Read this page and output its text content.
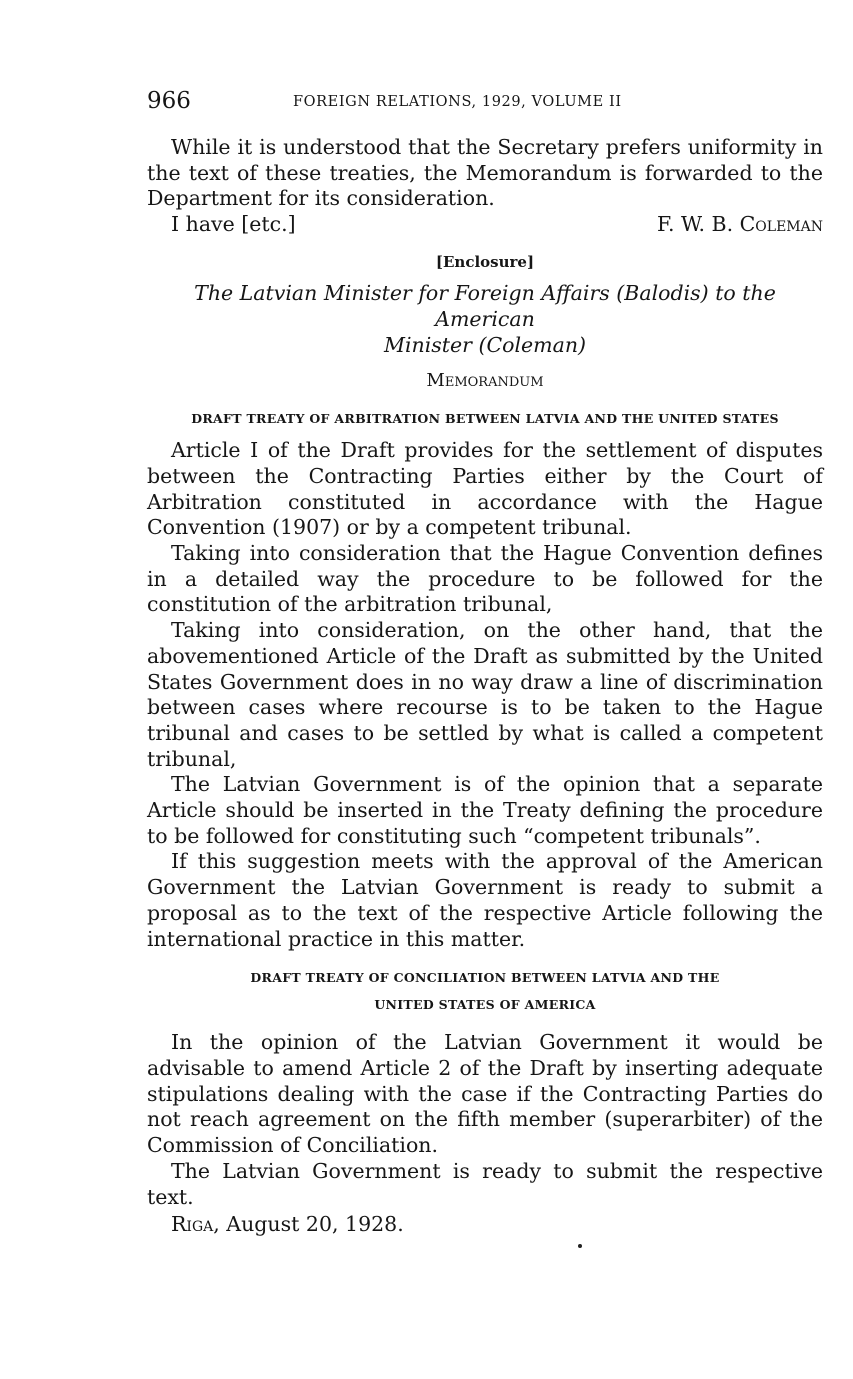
966	FOREIGN RELATIONS, 1929, VOLUME II

While it is understood that the Secretary prefers uniformity in the text of these treaties, the Memorandum is forwarded to the Department for its consideration.

I have [etc.]	F. W. B. Coleman
[Enclosure]
The Latvian Minister for Foreign Affairs (Balodis) to the American
Minister (Coleman)
Memorandum
DRAFT TREATY OF ARBITRATION BETWEEN LATVIA AND THE UNITED STATES

Article I of the Draft provides for the settlement of disputes between the Contracting Parties either by the Court of Arbitration constituted in accordance with the Hague Convention (1907) or by a competent tribunal.

Taking into consideration that the Hague Convention defines in a detailed way the procedure to be followed for the constitution of the arbitration tribunal,

Taking into consideration, on the other hand, that the abovementioned Article of the Draft as submitted by the United States Government does in no way draw a line of discrimination between cases where recourse is to be taken to the Hague tribunal and cases to be settled by what is called a competent tribunal,

The Latvian Government is of the opinion that a separate Article should be inserted in the Treaty defining the procedure to be followed for constituting such “competent tribunals”.

If this suggestion meets with the approval of the American Government the Latvian Government is ready to submit a proposal as to the text of the respective Article following the international practice in this matter.

DRAFT TREATY OF CONCILIATION BETWEEN LATVIA AND THE
UNITED STATES OF AMERICA

In the opinion of the Latvian Government it would be advisable to amend Article 2 of the Draft by inserting adequate stipulations dealing with the case if the Contracting Parties do not reach agreement on the fifth member (superarbiter) of the Commission of Conciliation.

The Latvian Government is ready to submit the respective text.

Riga, August 20, 1928.
